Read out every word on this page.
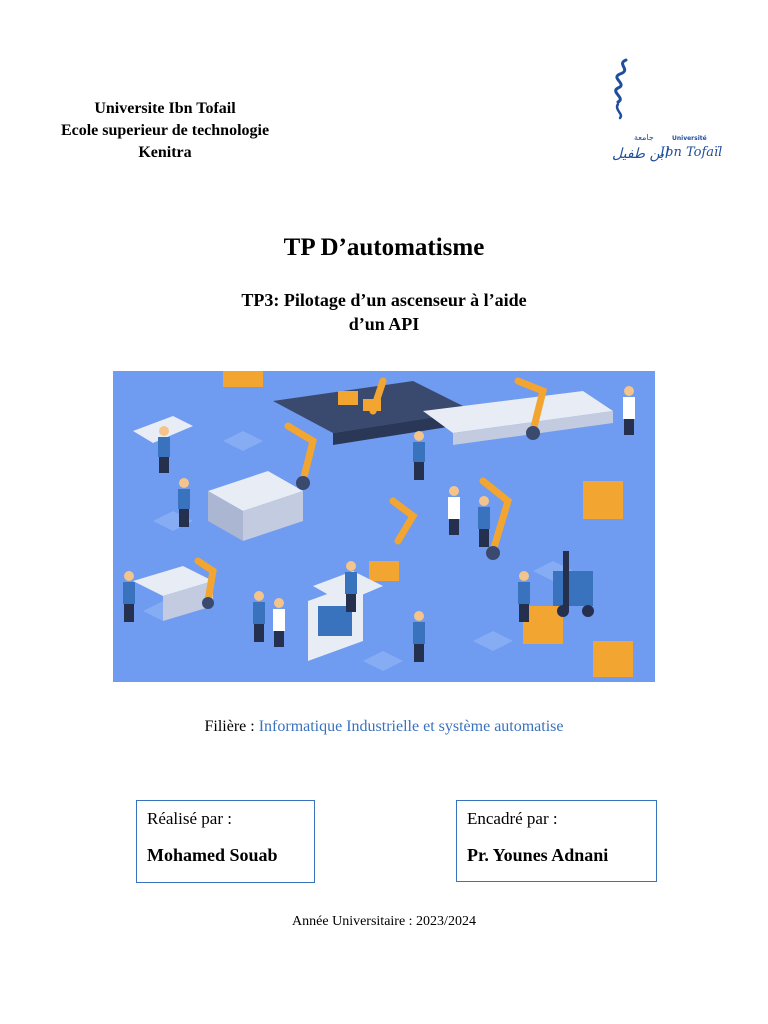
Universite Ibn Tofail
Ecole superieur de technologie
Kenitra
جامعة
ابن طفيل
Université
Ibn Tofaïl
TP D’automatisme
TP3: Pilotage d’un ascenseur à l’aide
d’un API
Filière : Informatique Industrielle et système automatise
Réalisé par :
Mohamed Souab
Encadré par :
Pr. Younes Adnani
Année Universitaire : 2023/2024
